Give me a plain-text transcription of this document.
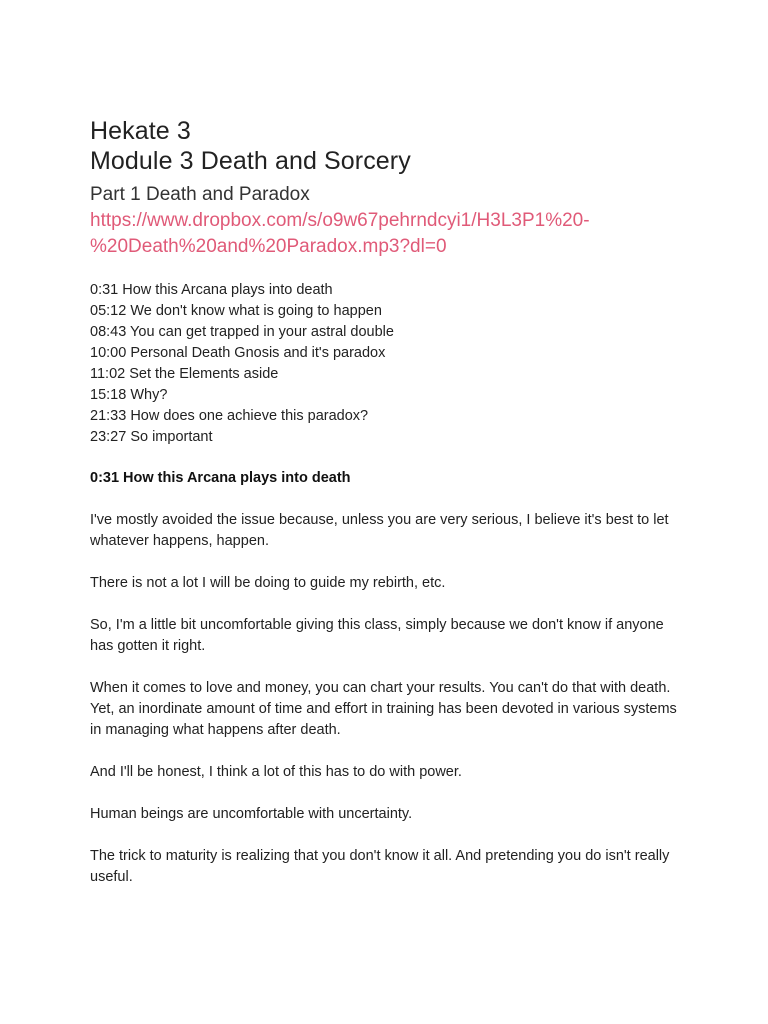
Hekate 3
Module 3 Death and Sorcery
Part 1 Death and Paradox
https://www.dropbox.com/s/o9w67pehrndcyi1/H3L3P1%20-
%20Death%20and%20Paradox.mp3?dl=0
0:31 How this Arcana plays into death
05:12 We don't know what is going to happen
08:43 You can get trapped in your astral double
10:00 Personal Death Gnosis and it's paradox
11:02 Set the Elements aside
15:18 Why?
21:33 How does one achieve this paradox?
23:27 So important
0:31 How this Arcana plays into death

I've mostly avoided the issue because, unless you are very serious, I believe it's best to let whatever happens, happen.

There is not a lot I will be doing to guide my rebirth, etc.

So, I'm a little bit uncomfortable giving this class, simply because we don't know if anyone has gotten it right.

When it comes to love and money, you can chart your results. You can't do that with death. Yet, an inordinate amount of time and effort in training has been devoted in various systems in managing what happens after death.

And I'll be honest, I think a lot of this has to do with power.

Human beings are uncomfortable with uncertainty.

The trick to maturity is realizing that you don't know it all. And pretending you do isn't really useful.
